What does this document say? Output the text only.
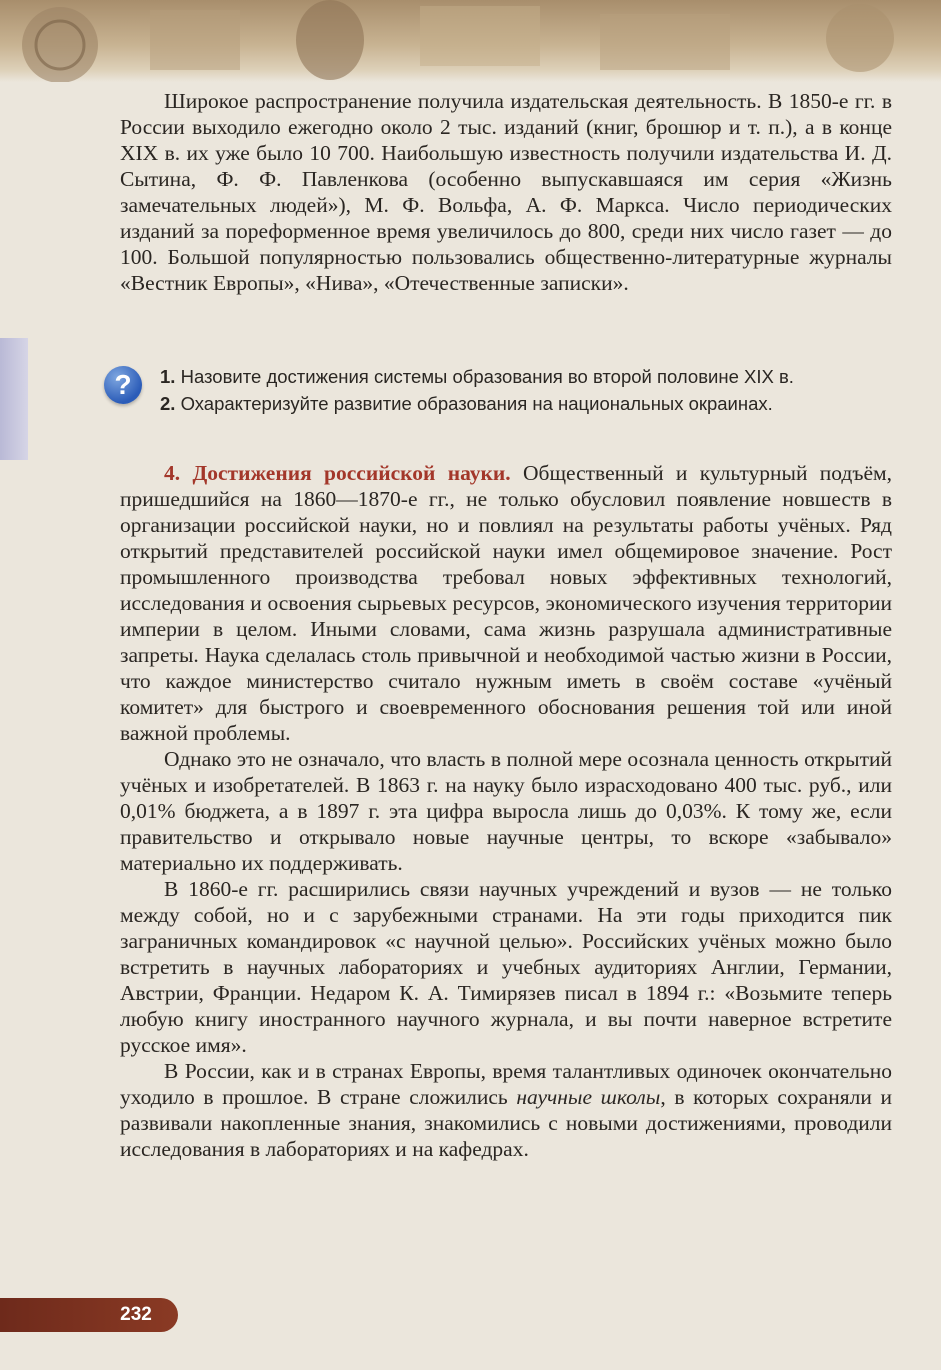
Широкое распространение получила издательская деятельность. В 1850-е гг. в России выходило ежегодно около 2 тыс. изданий (книг, брошюр и т. п.), а в конце XIX в. их уже было 10 700. Наибольшую известность получили издательства И. Д. Сытина, Ф. Ф. Павленкова (особенно выпускавшаяся им серия «Жизнь замечательных людей»), М. Ф. Вольфа, А. Ф. Маркса. Число периодических изданий за пореформенное время увеличилось до 800, среди них число газет — до 100. Большой популярностью пользовались общественно-литературные журналы «Вестник Европы», «Нива», «Отечественные записки».

?	1. Назовите достижения системы образования во второй половине XIX в.

2. Охарактеризуйте развитие образования на национальных окраинах.

4. Достижения российской науки. Общественный и культурный подъём, пришедшийся на 1860—1870-е гг., не только обусловил появление новшеств в организации российской науки, но и повлиял на результаты работы учёных. Ряд открытий представителей российской науки имел общемировое значение. Рост промышленного производства требовал новых эффективных технологий, исследования и освоения сырьевых ресурсов, экономического изучения территории империи в целом. Иными словами, сама жизнь разрушала административные запреты. Наука сделалась столь привычной и необходимой частью жизни в России, что каждое министерство считало нужным иметь в своём составе «учёный комитет» для быстрого и своевременного обоснования решения той или иной важной проблемы.

Однако это не означало, что власть в полной мере осознала ценность открытий учёных и изобретателей. В 1863 г. на науку было израсходовано 400 тыс. руб., или 0,01% бюджета, а в 1897 г. эта цифра выросла лишь до 0,03%. К тому же, если правительство и открывало новые научные центры, то вскоре «забывало» материально их поддерживать.

В 1860-е гг. расширились связи научных учреждений и вузов — не только между собой, но и с зарубежными странами. На эти годы приходится пик заграничных командировок «с научной целью». Российских учёных можно было встретить в научных лабораториях и учебных аудиториях Англии, Германии, Австрии, Франции. Недаром К. А. Тимирязев писал в 1894 г.: «Возьмите теперь любую книгу иностранного научного журнала, и вы почти наверное встретите русское имя».

В России, как и в странах Европы, время талантливых одиночек окончательно уходило в прошлое. В стране сложились научные школы, в которых сохраняли и развивали накопленные знания, знакомились с новыми достижениями, проводили исследования в лабораториях и на кафедрах.

232
